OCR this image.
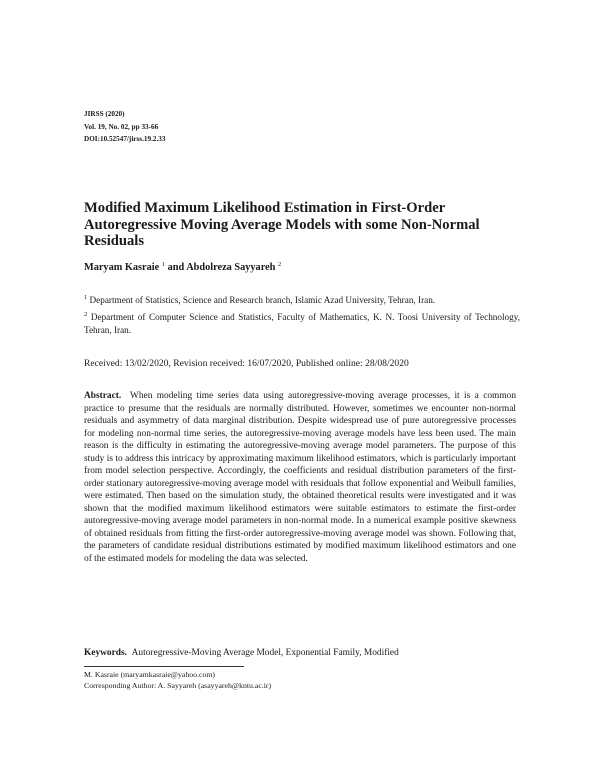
JIRSS (2020)
Vol. 19, No. 02, pp 33-66
DOI:10.52547/jirss.19.2.33
Modified Maximum Likelihood Estimation in First-Order Autoregressive Moving Average Models with some Non-Normal Residuals
Maryam Kasraie $^1$ and Abdolreza Sayyareh $^2$

$^1$ Department of Statistics, Science and Research branch, Islamic Azad University, Tehran, Iran.

$^2$ Department of Computer Science and Statistics, Faculty of Mathematics, K. N. Toosi University of Technology, Tehran, Iran.

Received: 13/02/2020, Revision received: 16/07/2020, Published online: 28/08/2020
Abstract. When modeling time series data using autoregressive-moving average processes, it is a common practice to presume that the residuals are normally distributed. However, sometimes we encounter non-normal residuals and asymmetry of data marginal distribution. Despite widespread use of pure autoregressive processes for modeling non-normal time series, the autoregressive-moving average models have less been used. The main reason is the difficulty in estimating the autoregressive-moving average model parameters. The purpose of this study is to address this intricacy by approximating maximum likelihood estimators, which is particularly important from model selection perspective. Accordingly, the coefficients and residual distribution parameters of the first-order stationary autoregressive-moving average model with residuals that follow exponential and Weibull families, were estimated. Then based on the simulation study, the obtained theoretical results were investigated and it was shown that the modified maximum likelihood estimators were suitable estimators to estimate the first-order autoregressive-moving average model parameters in non-normal mode. In a numerical example positive skewness of obtained residuals from fitting the first-order autoregressive-moving average model was shown. Following that, the parameters of candidate residual distributions estimated by modified maximum likelihood estimators and one of the estimated models for modeling the data was selected.
Keywords. Autoregressive-Moving Average Model, Exponential Family, Modified
M. Kasraie (maryamkasraie@yahoo.com)
Corresponding Author: A. Sayyareh (asayyareh@kntu.ac.ir)
